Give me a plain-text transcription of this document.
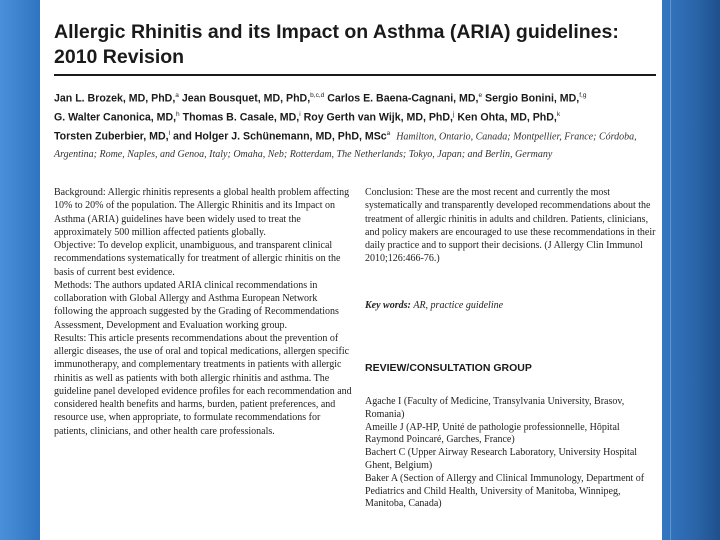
Allergic Rhinitis and its Impact on Asthma (ARIA) guidelines:
2010 Revision
Jan L. Brozek, MD, PhD,$^a$ Jean Bousquet, MD, PhD,$^{b,c,d}$ Carlos E. Baena-Cagnani, MD,$^e$ Sergio Bonini, MD,$^{f,g}$
G. Walter Canonica, MD,$^h$ Thomas B. Casale, MD,$^i$ Roy Gerth van Wijk, MD, PhD,$^j$ Ken Ohta, MD, PhD,$^k$
Torsten Zuberbier, MD,$^l$ and Holger J. Schünemann, MD, PhD, MSc$^a$ Hamilton, Ontario, Canada; Montpellier, France; Córdoba,
Argentina; Rome, Naples, and Genoa, Italy; Omaha, Neb; Rotterdam, The Netherlands; Tokyo, Japan; and Berlin, Germany

Background: Allergic rhinitis represents a global health problem affecting 10% to 20% of the population. The Allergic Rhinitis and its Impact on Asthma (ARIA) guidelines have been widely used to treat the approximately 500 million affected patients globally.

Objective: To develop explicit, unambiguous, and transparent clinical recommendations systematically for treatment of allergic rhinitis on the basis of current best evidence.

Methods: The authors updated ARIA clinical recommendations in collaboration with Global Allergy and Asthma European Network following the approach suggested by the Grading of Recommendations Assessment, Development and Evaluation working group.

Results: This article presents recommendations about the prevention of allergic diseases, the use of oral and topical medications, allergen specific immunotherapy, and complementary treatments in patients with allergic rhinitis as well as patients with both allergic rhinitis and asthma. The guideline panel developed evidence profiles for each recommendation and considered health benefits and harms, burden, patient preferences, and resource use, when appropriate, to formulate recommendations for patients, clinicians, and other health care professionals.

Conclusion: These are the most recent and currently the most systematically and transparently developed recommendations about the treatment of allergic rhinitis in adults and children. Patients, clinicians, and policy makers are encouraged to use these recommendations in their daily practice and to support their decisions. (J Allergy Clin Immunol 2010;126:466-76.)

Key words: AR, practice guideline
REVIEW/CONSULTATION GROUP

Agache I (Faculty of Medicine, Transylvania University, Brasov, Romania)

Ameille J (AP-HP, Unité de pathologie professionnelle, Hôpital Raymond Poincaré, Garches, France)

Bachert C (Upper Airway Research Laboratory, University Hospital Ghent, Belgium)

Baker A (Section of Allergy and Clinical Immunology, Department of Pediatrics and Child Health, University of Manitoba, Winnipeg, Manitoba, Canada)
